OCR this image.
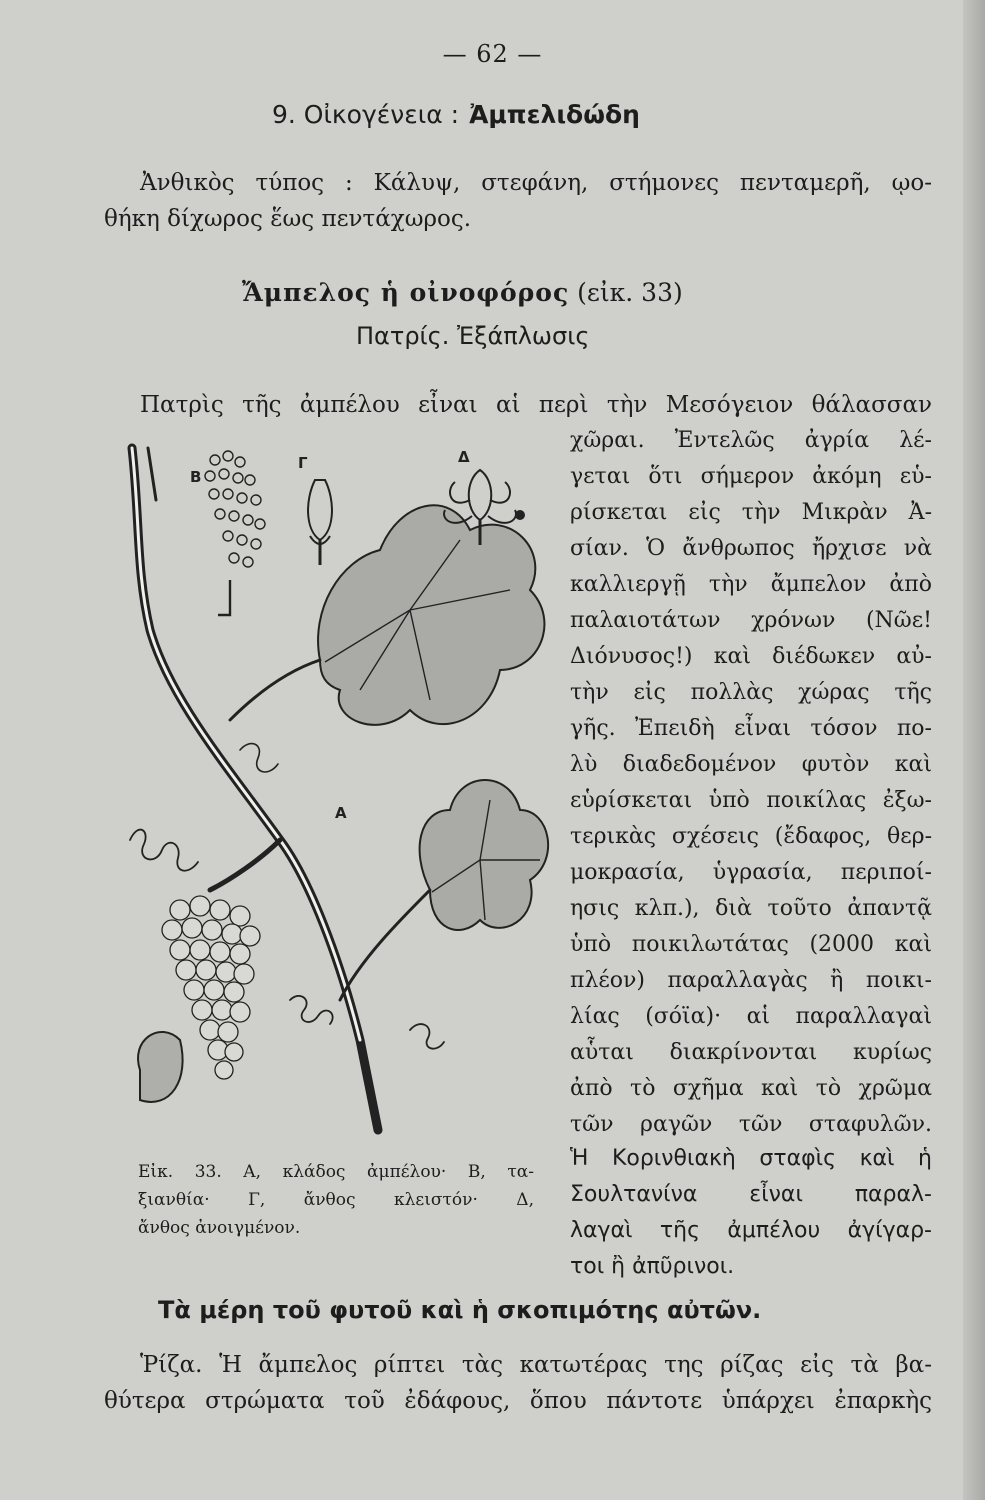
— 62 —
9. Οἰκογένεια : Ἀμπελιδώδη
Ἀνθικὸς τύπος : Κάλυψ, στεφάνη, στήμονες πενταμερῆ, ῳο-
θήκη δίχωρος ἕως πεντάχωρος.
Ἄμπελος ἡ οἰνοφόρος (εἰκ. 33)
Πατρίς. Ἐξάπλωσις
Πατρὶς τῆς ἀμπέλου εἶναι αἱ περὶ τὴν Μεσόγειον θάλασσαν
χῶραι. Ἐντελῶς ἀγρία λέ-
γεται ὅτι σήμερον ἀκόμη εὑ-
ρίσκεται εἰς τὴν Μικρὰν Ἀ-
σίαν. Ὁ ἄνθρωπος ἤρχισε νὰ
καλλιεργῇ τὴν ἄμπελον ἀπὸ
παλαιοτάτων χρόνων (Νῶε!
Διόνυσος!) καὶ διέδωκεν αὐ-
τὴν εἰς πολλὰς χώρας τῆς
γῆς. Ἐπειδὴ εἶναι τόσον πο-
λὺ διαδεδομένον φυτὸν καὶ
εὑρίσκεται ὑπὸ ποικίλας ἐξω-
τερικὰς σχέσεις (ἔδαφος, θερ-
μοκρασία, ὑγρασία, περιποί-
ησις κλπ.), διὰ τοῦτο ἀπαντᾷ
ὑπὸ ποικιλωτάτας (2000 καὶ
πλέον) παραλλαγὰς ἢ ποικι-
λίας (σόϊα)· αἱ παραλλαγαὶ
αὗται διακρίνονται κυρίως
ἀπὸ τὸ σχῆμα καὶ τὸ χρῶμα
τῶν ραγῶν τῶν σταφυλῶν.
Ἡ Κορινθιακὴ σταφὶς καὶ ἡ
Σουλτανίνα εἶναι παραλ-
λαγαὶ τῆς ἀμπέλου ἀγίγαρ-
τοι ἢ ἀπῦρινοι.
Β
Γ	Δ
Α
Εἰκ. 33. Α, κλάδος ἀμπέλου· Β, τα-
ξιανθία· Γ, ἄνθος κλειστόν· Δ,
ἄνθος ἀνοιγμένον.
Τὰ μέρη τοῦ φυτοῦ καὶ ἡ σκοπιμότης αὐτῶν.
Ῥίζα. Ἡ ἄμπελος ρίπτει τὰς κατωτέρας της ρίζας εἰς τὰ βα-
θύτερα στρώματα τοῦ ἐδάφους, ὅπου πάντοτε ὑπάρχει ἐπαρκὴς
